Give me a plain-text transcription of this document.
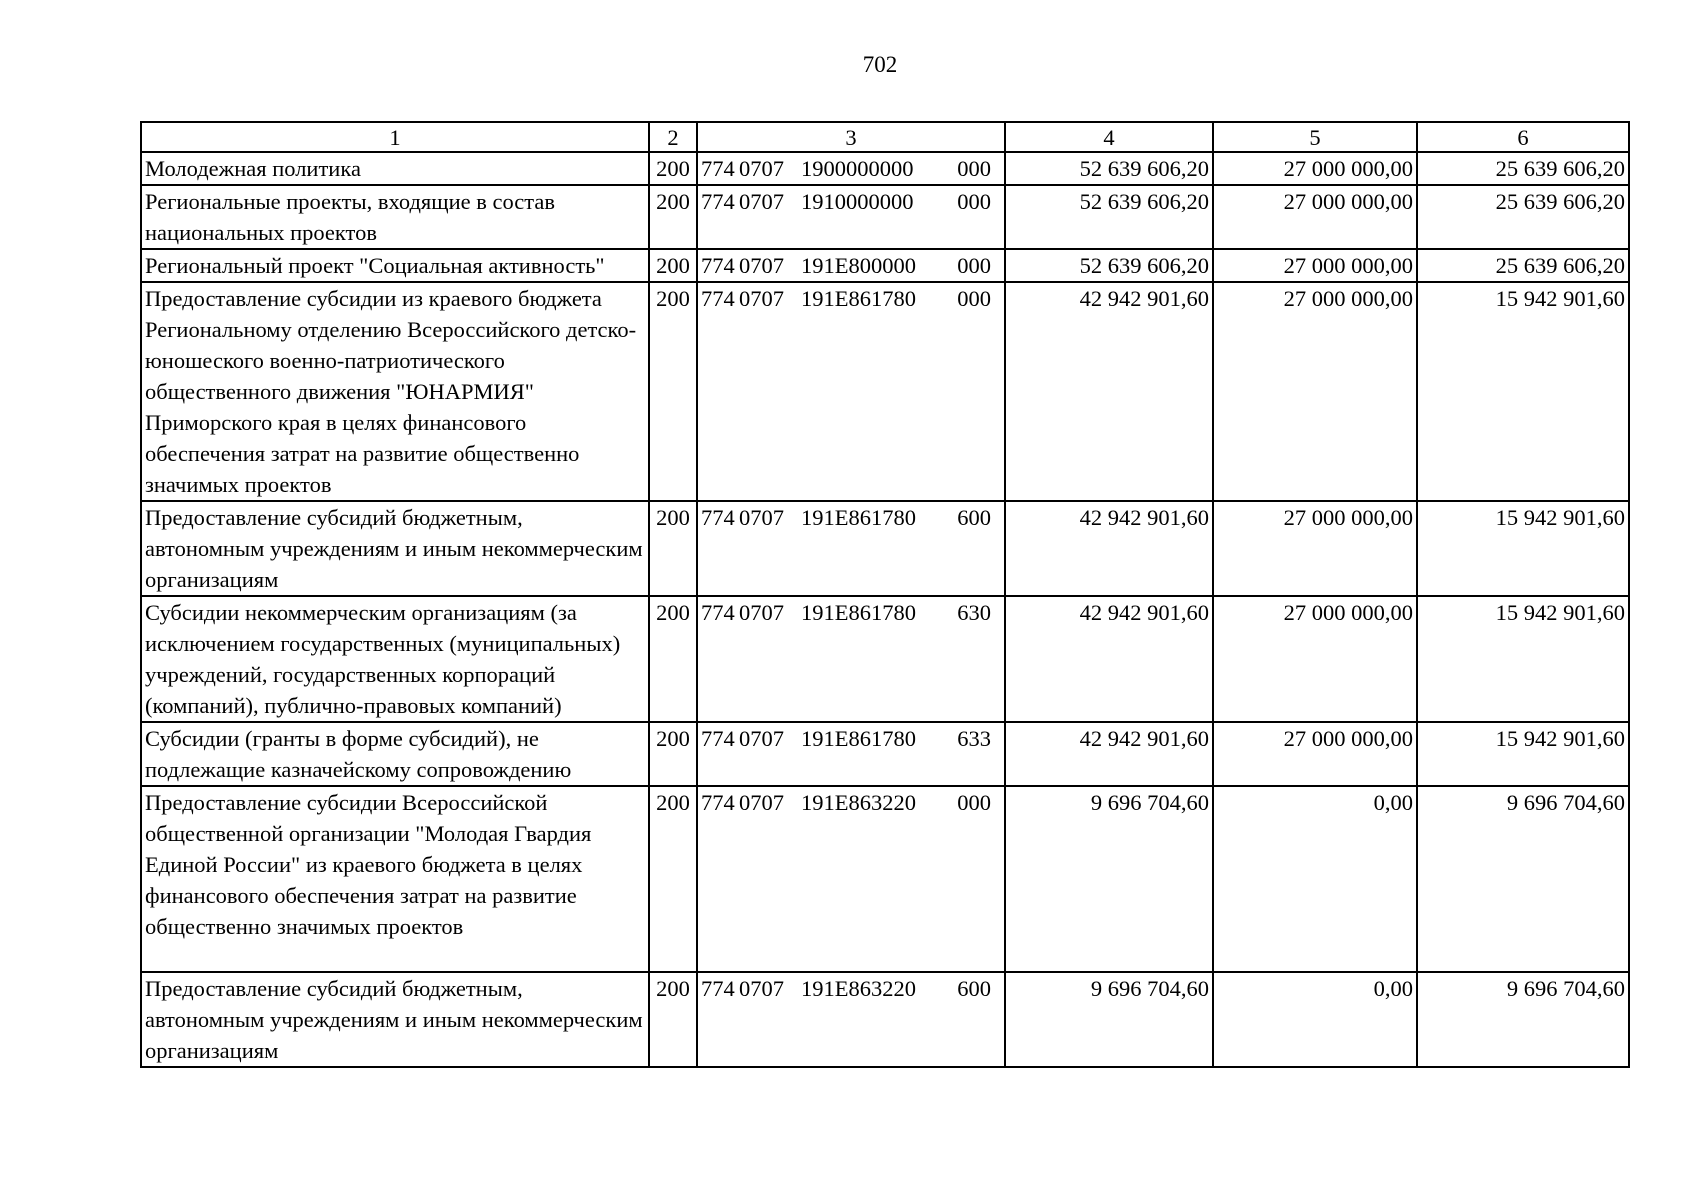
702
1	2	3	4	5	6
Молодежная политика	200	774 0707 1900000000 000	52 639 606,20	27 000 000,00	25 639 606,20
Региональные проекты, входящие в состав национальных проектов	200	774 0707 1910000000 000	52 639 606,20	27 000 000,00	25 639 606,20
Региональный проект "Социальная активность"	200	774 0707 191E800000 000	52 639 606,20	27 000 000,00	25 639 606,20
Предоставление субсидии из краевого бюджета Региональному отделению Всероссийского детско-юношеского военно-патриотического общественного движения "ЮНАРМИЯ" Приморского края в целях финансового обеспечения затрат на развитие общественно значимых проектов	200	774 0707 191E861780 000	42 942 901,60	27 000 000,00	15 942 901,60
Предоставление субсидий бюджетным, автономным учреждениям и иным некоммерческим организациям	200	774 0707 191E861780 600	42 942 901,60	27 000 000,00	15 942 901,60
Субсидии некоммерческим организациям (за исключением государственных (муниципальных) учреждений, государственных корпораций (компаний), публично-правовых компаний)	200	774 0707 191E861780 630	42 942 901,60	27 000 000,00	15 942 901,60
Субсидии (гранты в форме субсидий), не подлежащие казначейскому сопровождению	200	774 0707 191E861780 633	42 942 901,60	27 000 000,00	15 942 901,60
Предоставление субсидии Всероссийской общественной организации "Молодая Гвардия Единой России" из краевого бюджета в целях финансового обеспечения затрат на развитие общественно значимых проектов	200	774 0707 191E863220 000	9 696 704,60	0,00	9 696 704,60
Предоставление субсидий бюджетным, автономным учреждениям и иным некоммерческим организациям	200	774 0707 191E863220 600	9 696 704,60	0,00	9 696 704,60
